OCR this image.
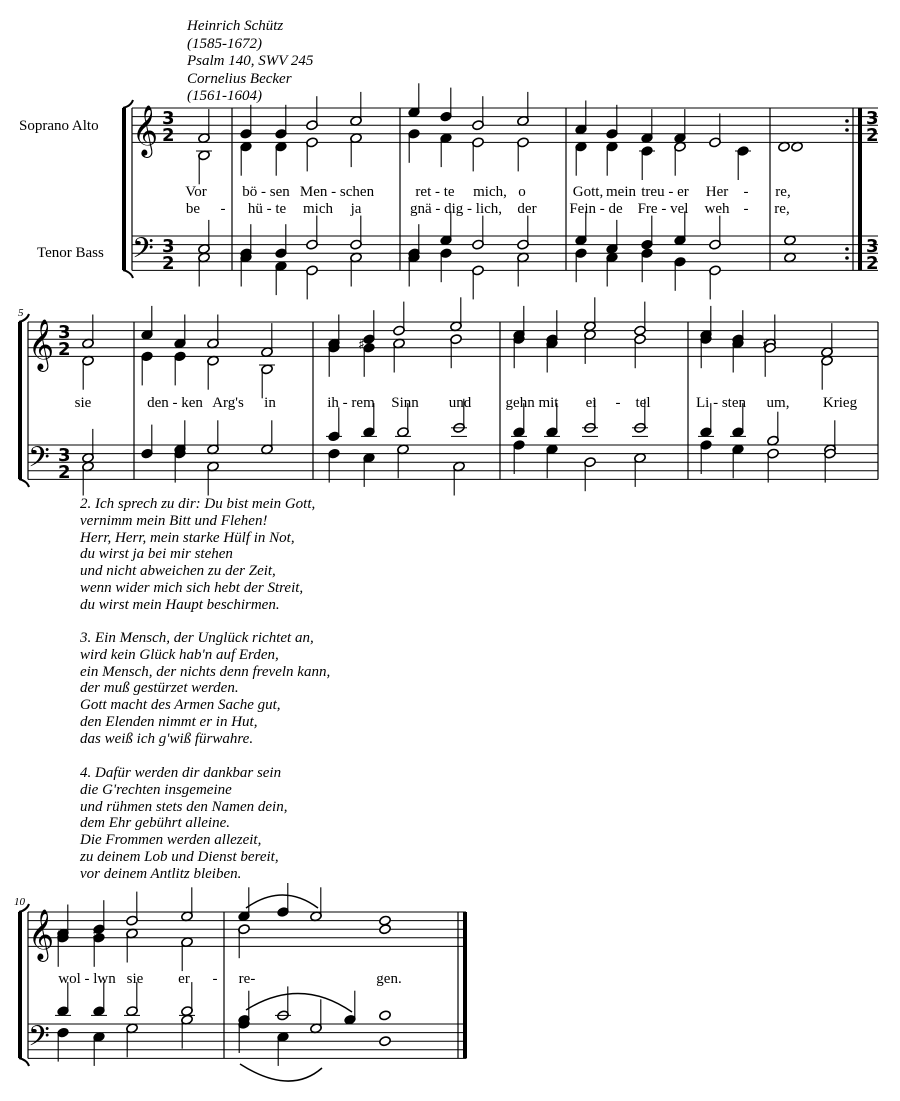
Heinrich Schütz
(1585-1672)
Psalm 140, SWV 245
Cornelius Becker
(1561-1604)
Soprano Alto
Tenor Bass
5
10
𝄞
𝄢
3
2
3
2
3
2
3
2
𝄞
𝄢
3
2
3
2
♯	♯
𝄞
𝄢
♯ ♯
Vor bö - sen Men - schen	ret - te mich, o	Gott, mein treu - er Her - re,
be - hü - te mich ja	gnä - dig - lich, der Fein - de Fre - vel weh - re,
sie	den - ken Arg's in	ih - rem Sinn und gehn mit ei - tel	Li - sten um, Krieg
wol - lwn sie er - re-	gen.
2. Ich sprech zu dir: Du bist mein Gott,
vernimm mein Bitt und Flehen!
Herr, Herr, mein starke Hülf in Not,
du wirst ja bei mir stehen
und nicht abweichen zu der Zeit,
wenn wider mich sich hebt der Streit,
du wirst mein Haupt beschirmen.
3. Ein Mensch, der Unglück richtet an,
wird kein Glück hab'n auf Erden,
ein Mensch, der nichts denn freveln kann,
der muß gestürzet werden.
Gott macht des Armen Sache gut,
den Elenden nimmt er in Hut,
das weiß ich g'wiß fürwahre.
4. Dafür werden dir dankbar sein
die G'rechten insgemeine
und rühmen stets den Namen dein,
dem Ehr gebührt alleine.
Die Frommen werden allezeit,
zu deinem Lob und Dienst bereit,
vor deinem Antlitz bleiben.
